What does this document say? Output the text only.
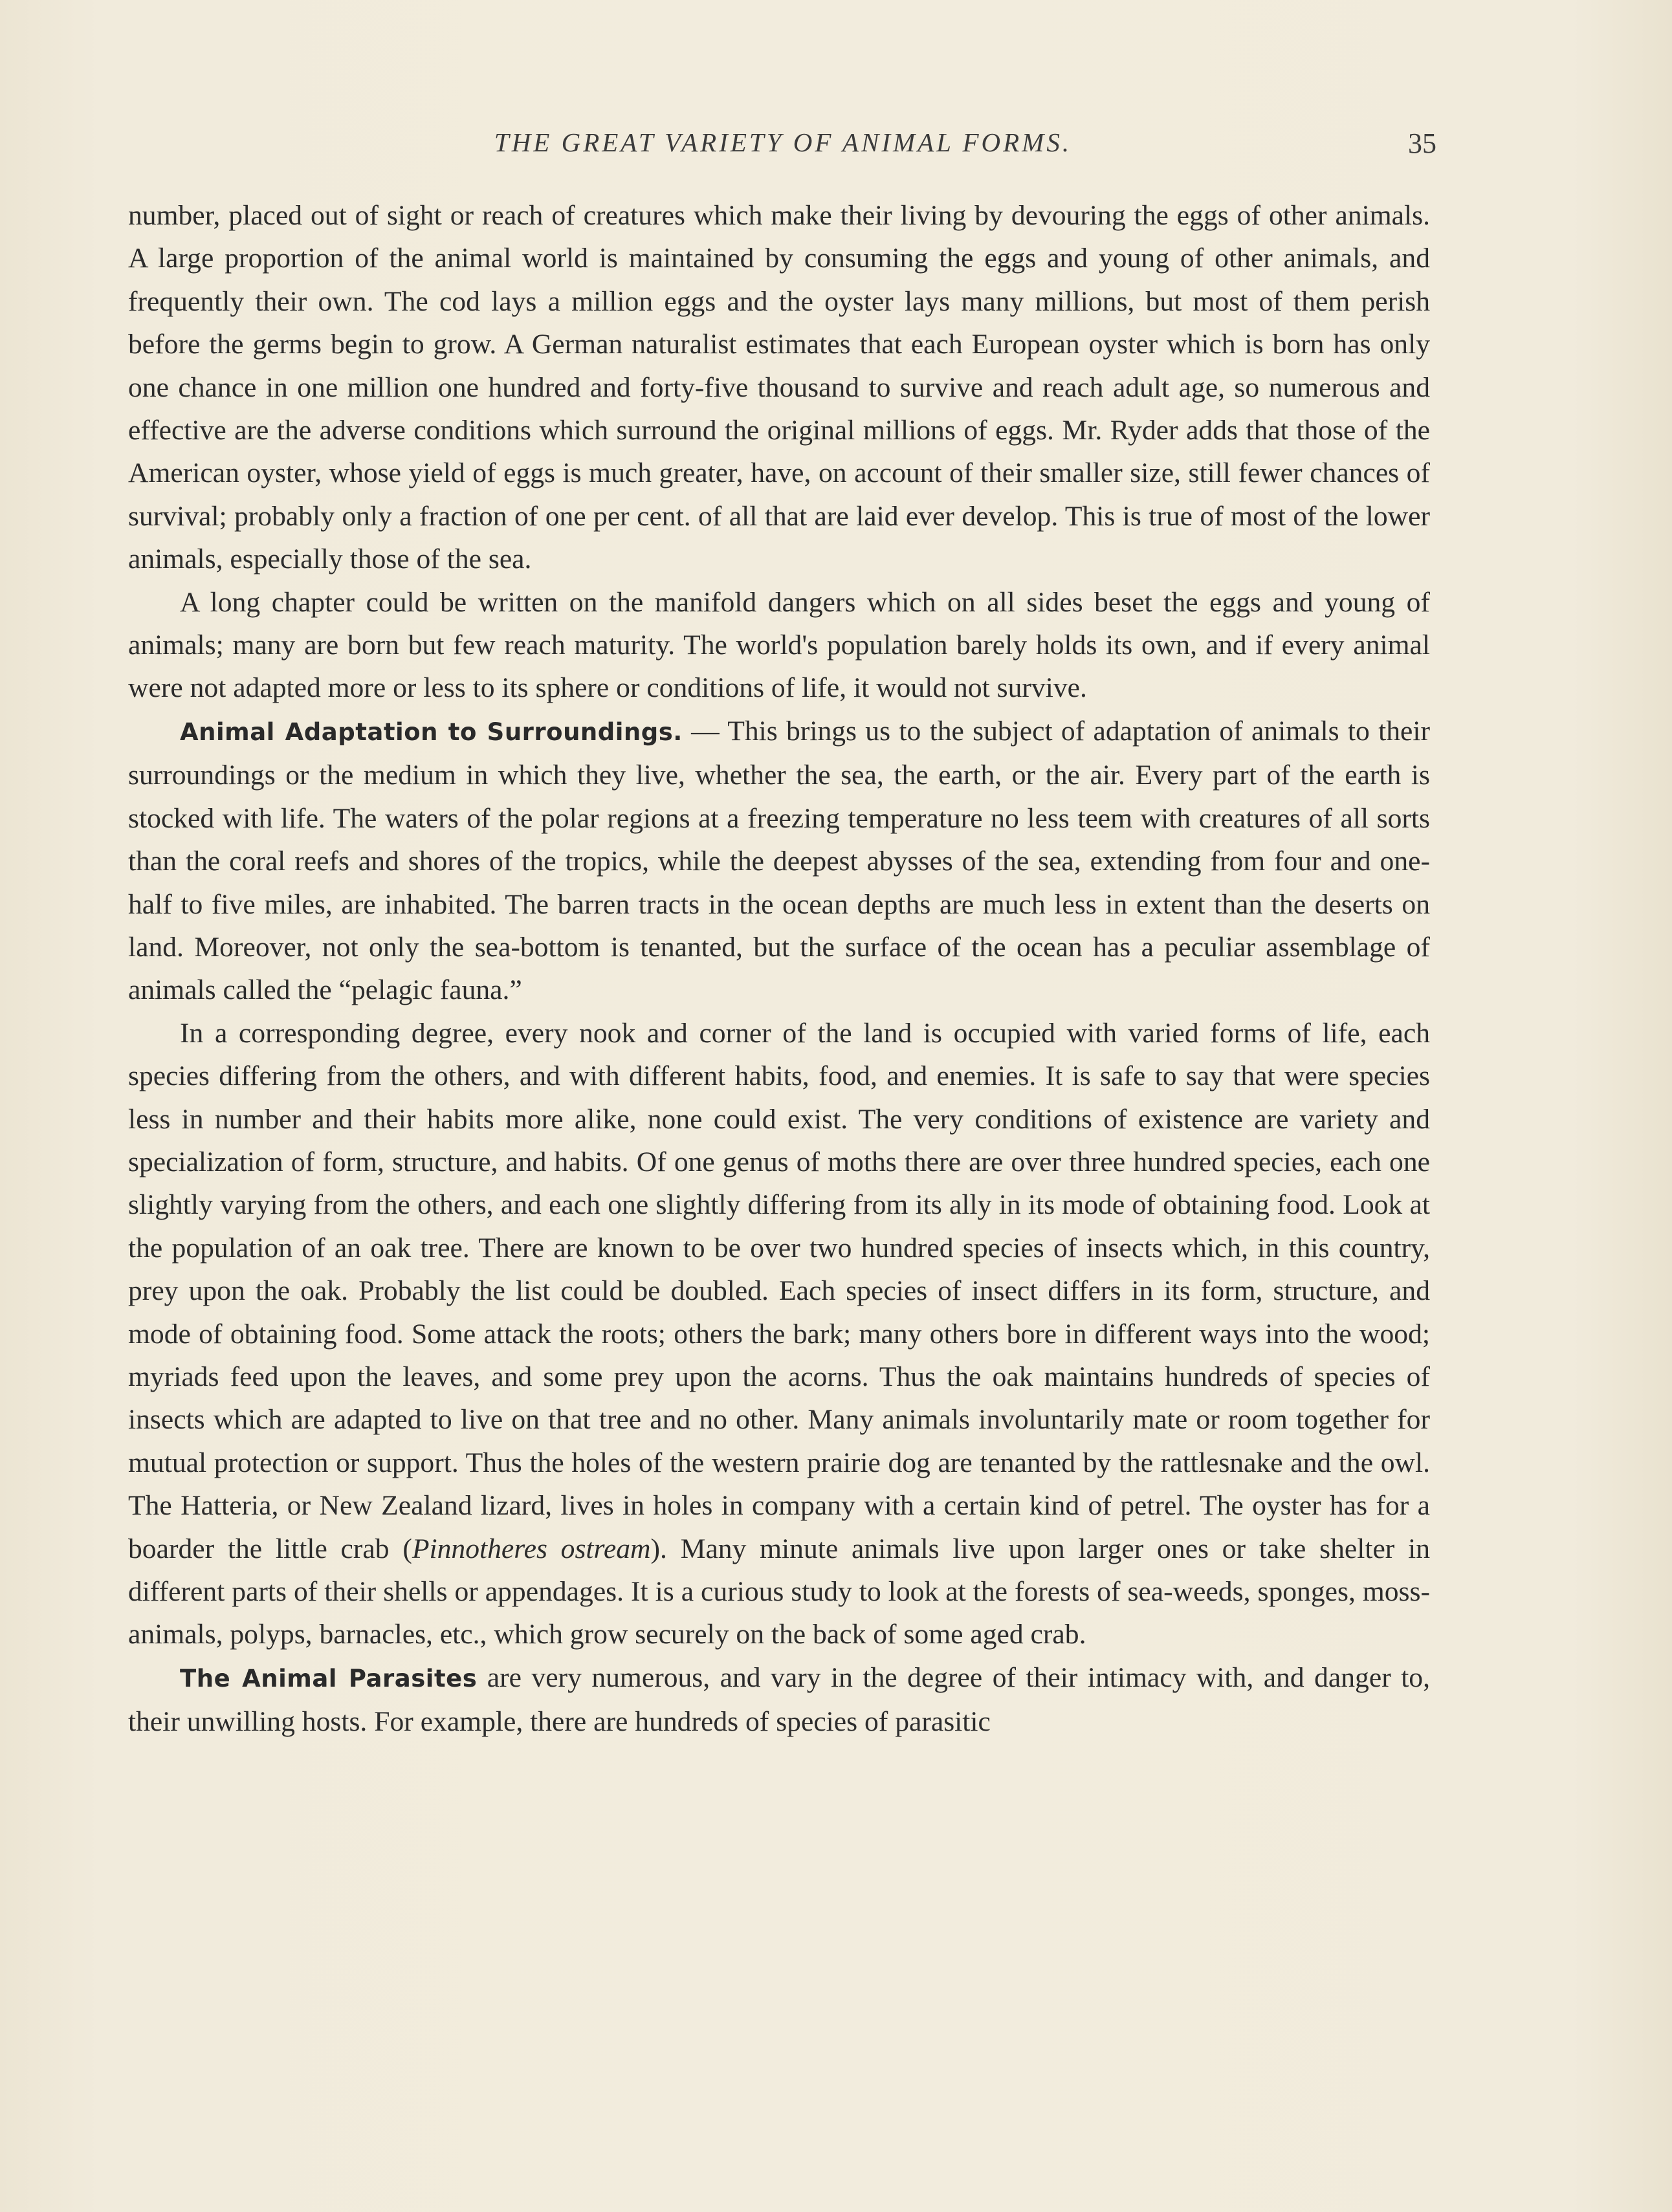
THE GREAT VARIETY OF ANIMAL FORMS.	35

number, placed out of sight or reach of creatures which make their living by devouring the eggs of other animals. A large proportion of the animal world is maintained by consuming the eggs and young of other animals, and frequently their own. The cod lays a million eggs and the oyster lays many millions, but most of them perish before the germs begin to grow. A German naturalist estimates that each European oyster which is born has only one chance in one million one hundred and forty-five thousand to survive and reach adult age, so numerous and effective are the adverse conditions which surround the original millions of eggs. Mr. Ryder adds that those of the American oyster, whose yield of eggs is much greater, have, on account of their smaller size, still fewer chances of survival; probably only a fraction of one per cent. of all that are laid ever develop. This is true of most of the lower animals, especially those of the sea.

A long chapter could be written on the manifold dangers which on all sides beset the eggs and young of animals; many are born but few reach maturity. The world's population barely holds its own, and if every animal were not adapted more or less to its sphere or conditions of life, it would not survive.

Animal Adaptation to Surroundings. — This brings us to the subject of adaptation of animals to their surroundings or the medium in which they live, whether the sea, the earth, or the air. Every part of the earth is stocked with life. The waters of the polar regions at a freezing temperature no less teem with creatures of all sorts than the coral reefs and shores of the tropics, while the deepest abysses of the sea, extending from four and one-half to five miles, are inhabited. The barren tracts in the ocean depths are much less in extent than the deserts on land. Moreover, not only the sea-bottom is tenanted, but the surface of the ocean has a peculiar assemblage of animals called the “pelagic fauna.”

In a corresponding degree, every nook and corner of the land is occupied with varied forms of life, each species differing from the others, and with different habits, food, and enemies. It is safe to say that were species less in number and their habits more alike, none could exist. The very conditions of existence are variety and specialization of form, structure, and habits. Of one genus of moths there are over three hundred species, each one slightly varying from the others, and each one slightly differing from its ally in its mode of obtaining food. Look at the population of an oak tree. There are known to be over two hundred species of insects which, in this country, prey upon the oak. Probably the list could be doubled. Each species of insect differs in its form, structure, and mode of obtaining food. Some attack the roots; others the bark; many others bore in different ways into the wood; myriads feed upon the leaves, and some prey upon the acorns. Thus the oak maintains hundreds of species of insects which are adapted to live on that tree and no other. Many animals involuntarily mate or room together for mutual protection or support. Thus the holes of the western prairie dog are tenanted by the rattlesnake and the owl. The Hatteria, or New Zealand lizard, lives in holes in company with a certain kind of petrel. The oyster has for a boarder the little crab (Pinnotheres ostream). Many minute animals live upon larger ones or take shelter in different parts of their shells or appendages. It is a curious study to look at the forests of sea-weeds, sponges, moss-animals, polyps, barnacles, etc., which grow securely on the back of some aged crab.

The Animal Parasites are very numerous, and vary in the degree of their intimacy with, and danger to, their unwilling hosts. For example, there are hundreds of species of parasitic
